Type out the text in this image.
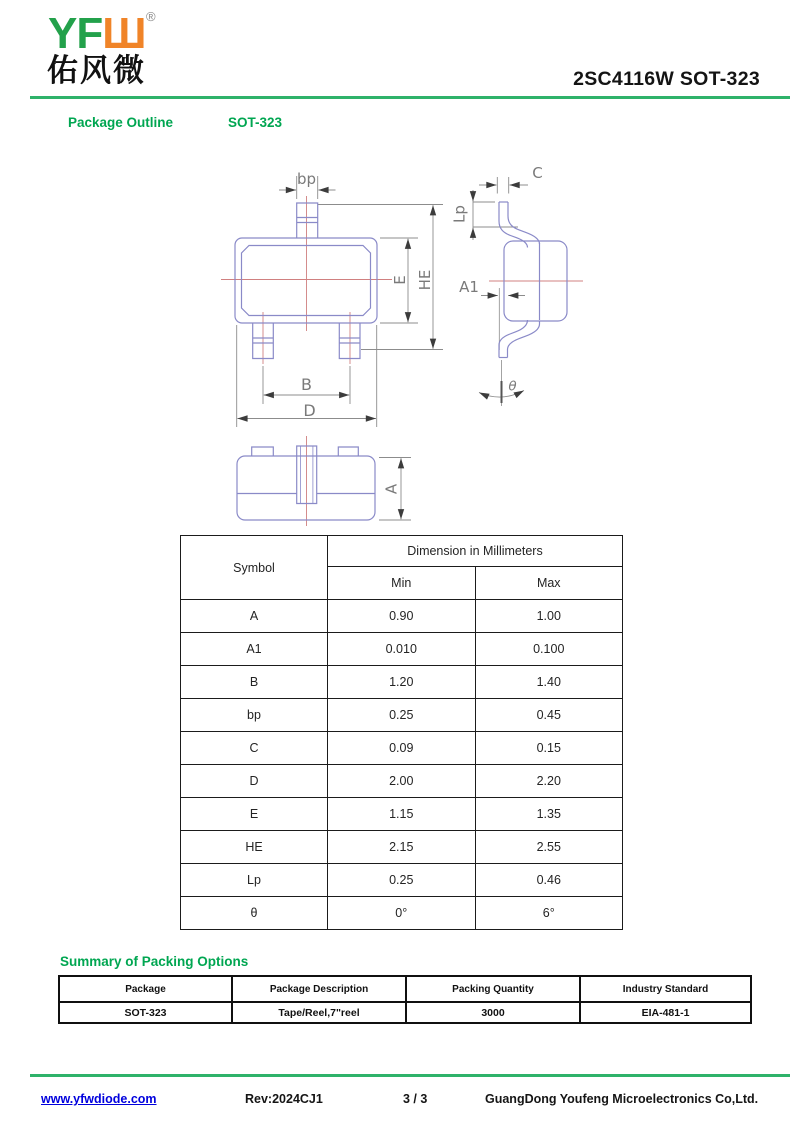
YFШ ®
佑风微	2SC4116W SOT-323
Package Outline	SOT-323
bp
E HE
B
D
A
C
Lp
A1
θ
Symbol	Dimension in Millimeters	
	Min	Max
A	0.90	1.00
A1	0.010	0.100
B	1.20	1.40
bp	0.25	0.45
C	0.09	0.15
D	2.00	2.20
E	1.15	1.35
HE	2.15	2.55
Lp	0.25	0.46
θ	0°	6°
Summary of Packing Options
Package	Package Description	Packing Quantity	Industry Standard
SOT-323	Tape/Reel,7"reel	3000	EIA-481-1
www.yfwdiode.com	Rev:2024CJ1	3 / 3	GuangDong Youfeng Microelectronics Co,Ltd.
